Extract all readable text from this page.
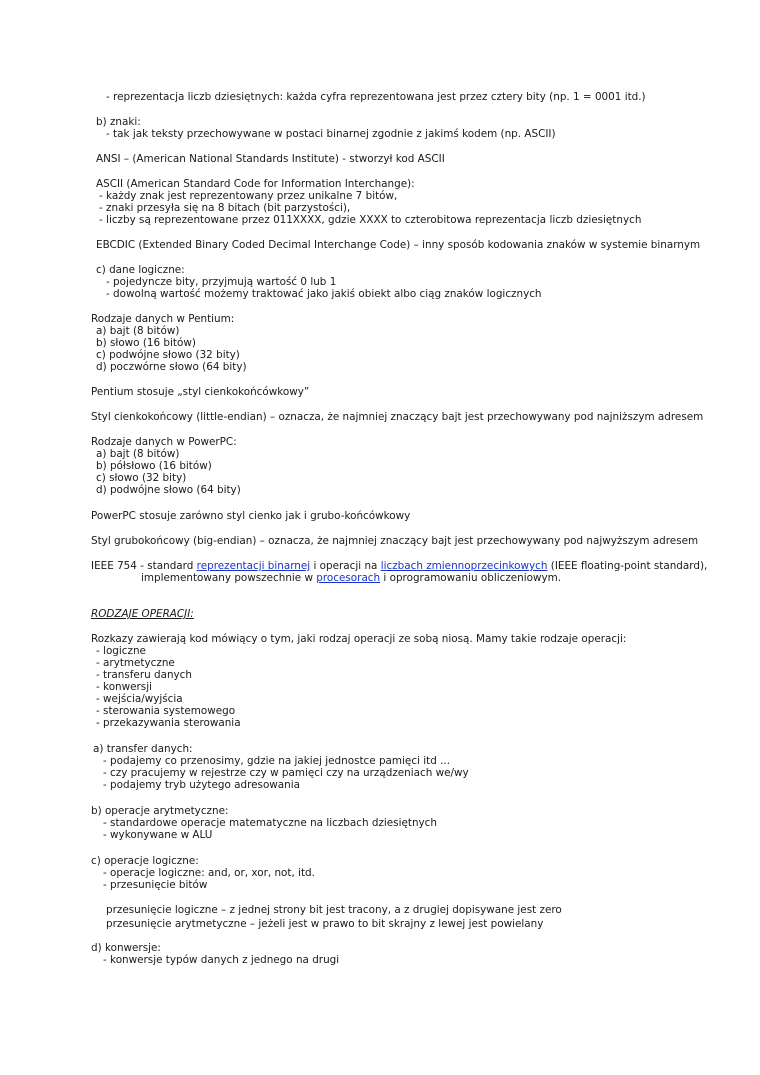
- reprezentacja liczb dziesiętnych: każda cyfra reprezentowana jest przez cztery bity (np. 1 = 0001 itd.)
b) znaki:
- tak jak teksty przechowywane w postaci binarnej zgodnie z jakimś kodem (np. ASCII)
ANSI – (American National Standards Institute) - stworzył kod ASCII
ASCII (American Standard Code for Information Interchange):
- każdy znak jest reprezentowany przez unikalne 7 bitów,
- znaki przesyła się na 8 bitach (bit parzystości),
- liczby są reprezentowane przez 011XXXX, gdzie XXXX to czterobitowa reprezentacja liczb dziesiętnych
EBCDIC (Extended Binary Coded Decimal Interchange Code) – inny sposób kodowania znaków w systemie binarnym
c) dane logiczne:
- pojedyncze bity, przyjmują wartość 0 lub 1
- dowolną wartość możemy traktować jako jakiś obiekt albo ciąg znaków logicznych
Rodzaje danych w Pentium:
a) bajt (8 bitów)
b) słowo (16 bitów)
c) podwójne słowo (32 bity)
d) poczwórne słowo (64 bity)
Pentium stosuje „styl cienkokońcówkowy”
Styl cienkokońcowy (little-endian) – oznacza, że najmniej znaczący bajt jest przechowywany pod najniższym adresem
Rodzaje danych w PowerPC:
a) bajt (8 bitów)
b) półsłowo (16 bitów)
c) słowo (32 bity)
d) podwójne słowo (64 bity)
PowerPC stosuje zarówno styl cienko jak i grubo-końcówkowy
Styl grubokońcowy (big-endian) – oznacza, że najmniej znaczący bajt jest przechowywany pod najwyższym adresem
IEEE 754 - standard reprezentacji binarnej i operacji na liczbach zmiennoprzecinkowych (IEEE floating-point standard),
implementowany powszechnie w procesorach i oprogramowaniu obliczeniowym.
RODZAJE OPERACJI:
Rozkazy zawierają kod mówiący o tym, jaki rodzaj operacji ze sobą niosą. Mamy takie rodzaje operacji:
- logiczne
- arytmetyczne
- transferu danych
- konwersji
- wejścia/wyjścia
- sterowania systemowego
- przekazywania sterowania
a) transfer danych:
- podajemy co przenosimy, gdzie na jakiej jednostce pamięci itd ...
- czy pracujemy w rejestrze czy w pamięci czy na urządzeniach we/wy
- podajemy tryb użytego adresowania
b) operacje arytmetyczne:
- standardowe operacje matematyczne na liczbach dziesiętnych
- wykonywane w ALU
c) operacje logiczne:
- operacje logiczne: and, or, xor, not, itd.
- przesunięcie bitów
przesunięcie logiczne – z jednej strony bit jest tracony, a z drugiej dopisywane jest zero
przesunięcie arytmetyczne – jeżeli jest w prawo to bit skrajny z lewej jest powielany
d) konwersje:
- konwersje typów danych z jednego na drugi
